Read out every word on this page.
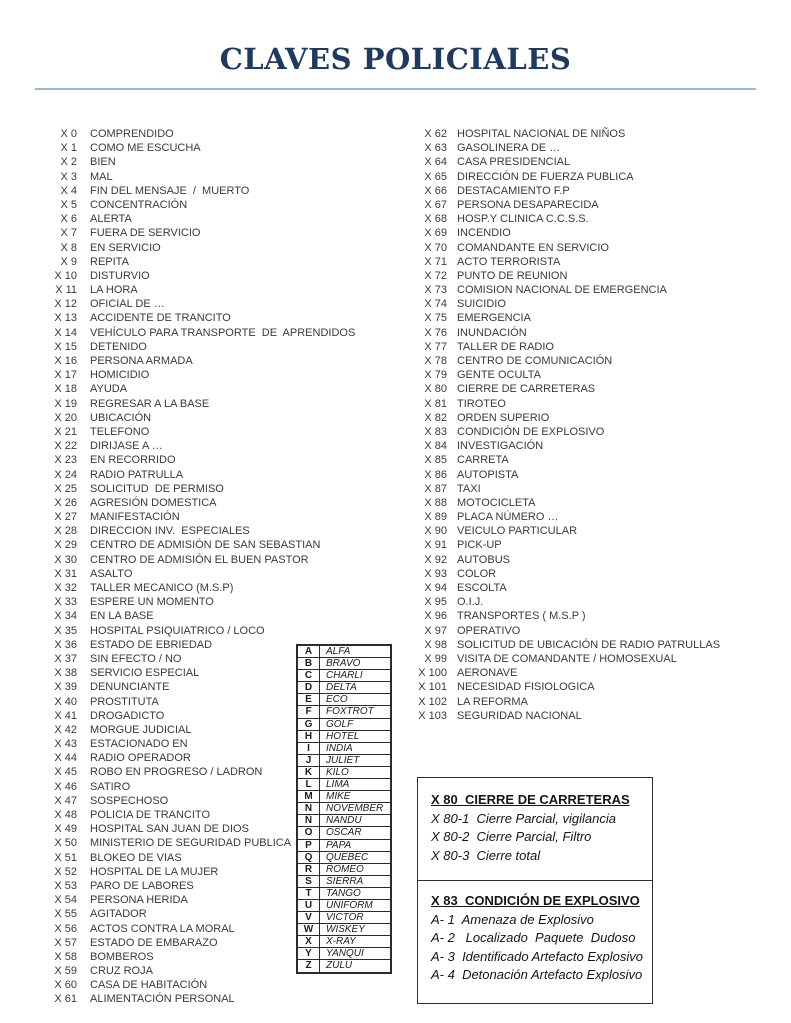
CLAVES POLICIALES
X 0 COMPRENDIDO
X 1 COMO ME ESCUCHA
X 2 BIEN
X 3 MAL
X 4 FIN DEL MENSAJE  /  MUERTO
X 5 CONCENTRACIÓN
X 6 ALERTA
X 7 FUERA DE SERVICIO
X 8 EN SERVICIO
X 9 REPITA
X 10 DISTURVIO
X 11 LA HORA
X 12 OFICIAL DE …
X 13 ACCIDENTE DE TRANCITO
X 14 VEHÍCULO PARA TRANSPORTE  DE  APRENDIDOS
X 15 DETENIDO
X 16 PERSONA ARMADA
X 17 HOMICIDIO
X 18 AYUDA
X 19 REGRESAR A LA BASE
X 20 UBICACIÓN
X 21 TELEFONO
X 22 DIRIJASE A …
X 23 EN RECORRIDO
X 24 RADIO PATRULLA
X 25 SOLICITUD  DE PERMISO
X 26 AGRESIÓN DOMESTICA
X 27 MANIFESTACIÓN
X 28 DIRECCION INV.  ESPECIALES
X 29 CENTRO DE ADMISIÓN DE SAN SEBASTIAN
X 30 CENTRO DE ADMISIÓN EL BUEN PASTOR
X 31 ASALTO
X 32 TALLER MECANICO (M.S.P)
X 33 ESPERE UN MOMENTO
X 34 EN LA BASE
X 35 HOSPITAL PSIQUIATRICO / LOCO
X 36 ESTADO DE EBRIEDAD
X 37 SIN EFECTO / NO
X 38 SERVICIO ESPECIAL
X 39 DENUNCIANTE
X 40 PROSTITUTA
X 41 DROGADICTO
X 42 MORGUE JUDICIAL
X 43 ESTACIONADO EN
X 44 RADIO OPERADOR
X 45 ROBO EN PROGRESO / LADRON
X 46 SATIRO
X 47 SOSPECHOSO
X 48 POLICIA DE TRANCITO
X 49 HOSPITAL SAN JUAN DE DIOS
X 50 MINISTERIO DE SEGURIDAD PUBLICA
X 51 BLOKEO DE VIAS
X 52 HOSPITAL DE LA MUJER
X 53 PARO DE LABORES
X 54 PERSONA HERIDA
X 55 AGITADOR
X 56 ACTOS CONTRA LA MORAL
X 57 ESTADO DE EMBARAZO
X 58 BOMBEROS
X 59 CRUZ ROJA
X 60 CASA DE HABITACIÓN
X 61 ALIMENTACIÓN PERSONAL
X 62 HOSPITAL NACIONAL DE NIÑOS
X 63 GASOLINERA DE …
X 64 CASA PRESIDENCIAL
X 65 DIRECCIÓN DE FUERZA PUBLICA
X 66 DESTACAMIENTO F.P
X 67 PERSONA DESAPARECIDA
X 68 HOSP.Y CLINICA C.C.S.S.
X 69 INCENDIO
X 70 COMANDANTE EN SERVICIO
X 71 ACTO TERRORISTA
X 72 PUNTO DE REUNION
X 73 COMISION NACIONAL DE EMERGENCIA
X 74 SUICIDIO
X 75 EMERGENCIA
X 76 INUNDACIÓN
X 77 TALLER DE RADIO
X 78 CENTRO DE COMUNICACIÓN
X 79 GENTE OCULTA
X 80 CIERRE DE CARRETERAS
X 81 TIROTEO
X 82 ORDEN SUPERIO
X 83 CONDICIÓN DE EXPLOSIVO
X 84 INVESTIGACIÓN
X 85 CARRETA
X 86 AUTOPISTA
X 87 TAXI
X 88 MOTOCICLETA
X 89 PLACA NÚMERO …
X 90 VEICULO PARTICULAR
X 91 PICK-UP
X 92 AUTOBUS
X 93 COLOR
X 94 ESCOLTA
X 95 O.I.J.
X 96 TRANSPORTES ( M.S.P )
X 97 OPERATIVO
X 98 SOLICITUD DE UBICACIÓN DE RADIO PATRULLAS
X 99 VISITA DE COMANDANTE / HOMOSEXUAL
X 100 AERONAVE
X 101 NECESIDAD FISIOLOGICA
X 102 LA REFORMA
X 103 SEGURIDAD NACIONAL
A	ALFA
B	BRAVO
C	CHARLI
D	DELTA
E	ECO
F	FOXTROT
G	GOLF
H	HOTEL
I	INDIA
J	JULIET
K	KILO
L	LIMA
M	MIKE
N	NOVEMBER
Ñ	ÑANDU
O	OSCAR
P	PAPA
Q	QUEBEC
R	ROMEO
S	SIERRA
T	TANGO
U	UNIFORM
V	VICTOR
W	WISKEY
X	X-RAY
Y	YANQUI
Z	ZULÚ
X 80  CIERRE DE CARRETERAS
X 80-1  Cierre Parcial, vigilancia
X 80-2  Cierre Parcial, Filtro
X 80-3  Cierre total
X 83  CONDICIÓN DE EXPLOSIVO
A- 1  Amenaza de Explosivo
A- 2   Localizado  Paquete  Dudoso
A- 3  Identificado Artefacto Explosivo
A- 4  Detonación Artefacto Explosivo
